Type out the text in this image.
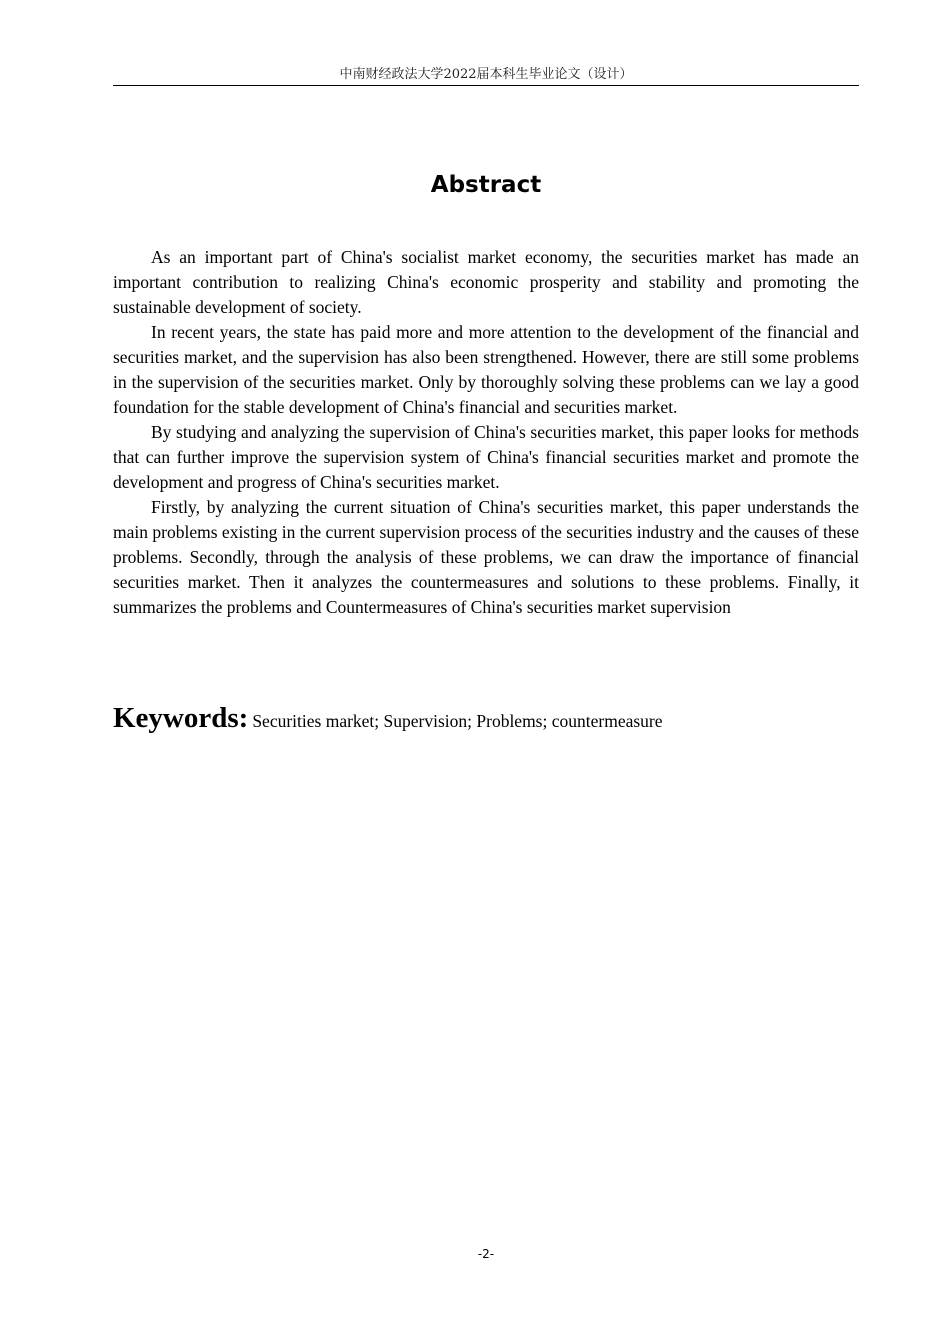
中南财经政法大学2022届本科生毕业论文（设计）
Abstract

As an important part of China's socialist market economy, the securities market has made an important contribution to realizing China's economic prosperity and stability and promoting the sustainable development of society.

In recent years, the state has paid more and more attention to the development of the financial and securities market, and the supervision has also been strengthened. However, there are still some problems in the supervision of the securities market. Only by thoroughly solving these problems can we lay a good foundation for the stable development of China's financial and securities market.

By studying and analyzing the supervision of China's securities market, this paper looks for methods that can further improve the supervision system of China's financial securities market and promote the development and progress of China's securities market.

Firstly, by analyzing the current situation of China's securities market, this paper understands the main problems existing in the current supervision process of the securities industry and the causes of these problems. Secondly, through the analysis of these problems, we can draw the importance of financial securities market. Then it analyzes the countermeasures and solutions to these problems. Finally, it summarizes the problems and Countermeasures of China's securities market supervision

Keywords: Securities market; Supervision; Problems; countermeasure
-2-
